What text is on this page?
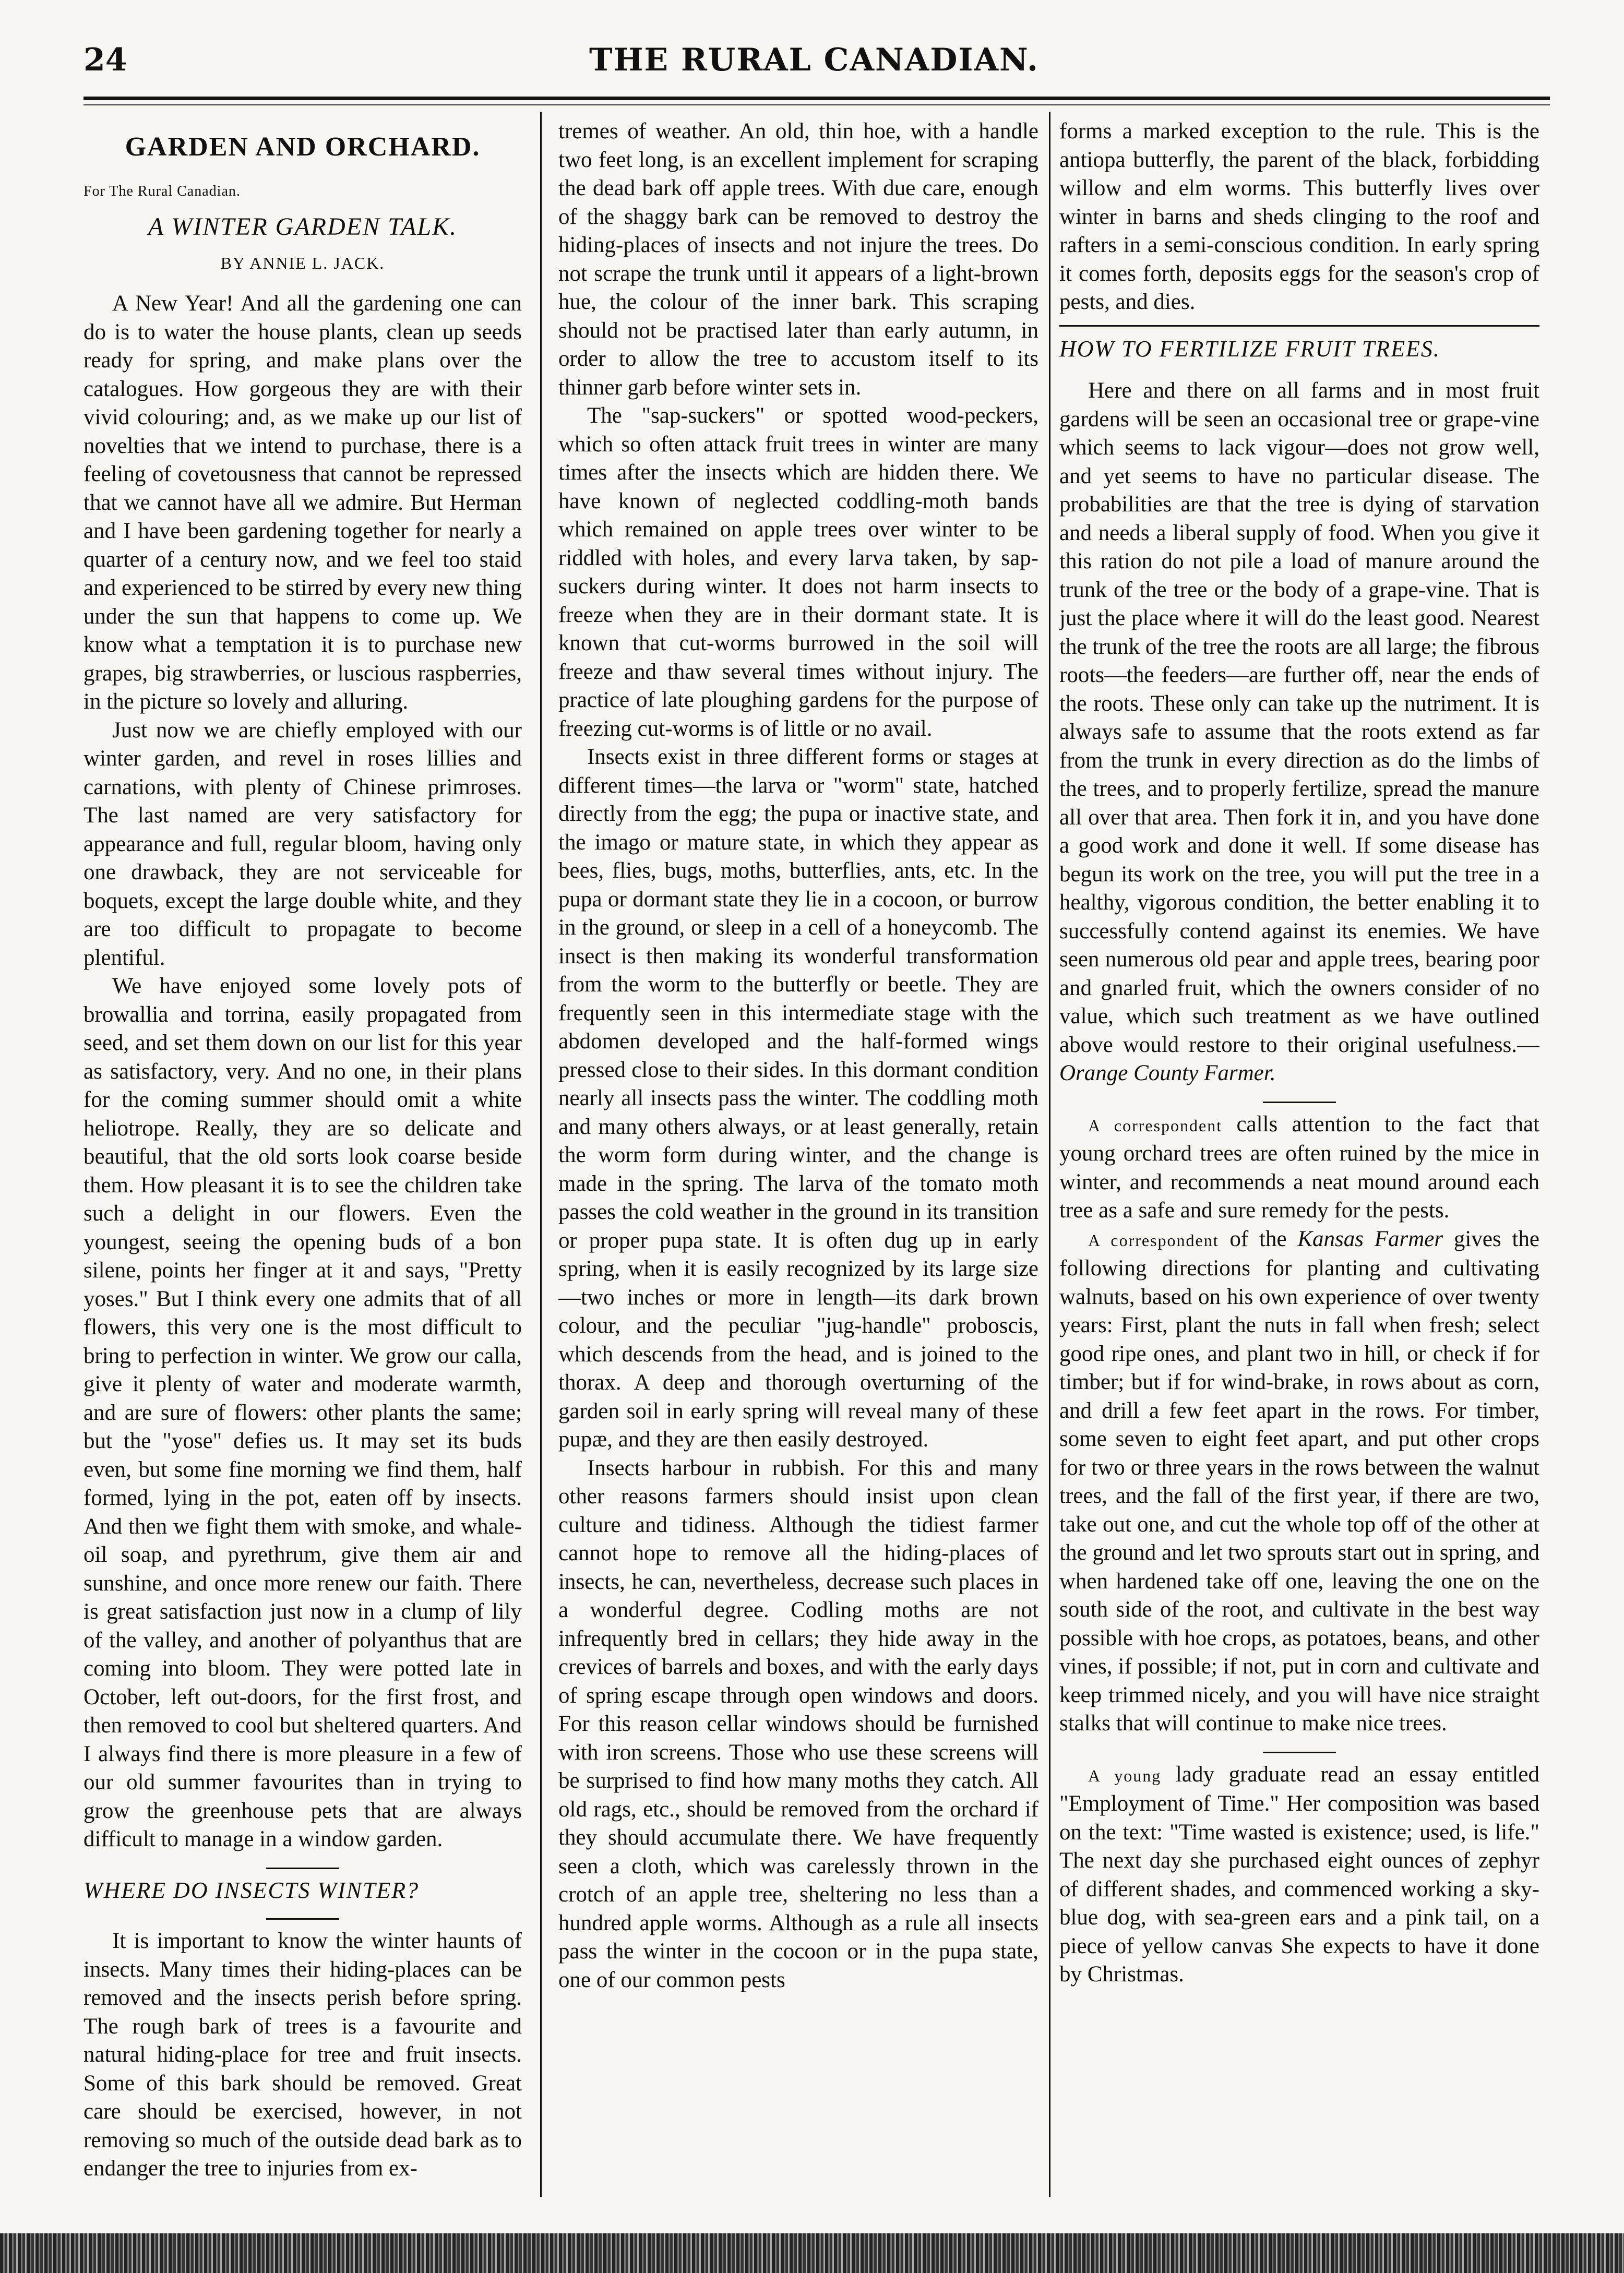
24	THE RURAL CANADIAN.
GARDEN AND ORCHARD.
For The Rural Canadian.
A WINTER GARDEN TALK.
BY ANNIE L. JACK.

A New Year! And all the gardening one can do is to water the house plants, clean up seeds ready for spring, and make plans over the catalogues. How gorgeous they are with their vivid colouring; and, as we make up our list of novelties that we intend to purchase, there is a feeling of covetousness that cannot be repressed that we cannot have all we admire. But Herman and I have been gardening together for nearly a quarter of a century now, and we feel too staid and experienced to be stirred by every new thing under the sun that happens to come up. We know what a temptation it is to purchase new grapes, big strawberries, or luscious raspberries, in the picture so lovely and alluring.

Just now we are chiefly employed with our winter garden, and revel in roses lillies and carnations, with plenty of Chinese primroses. The last named are very satisfactory for appearance and full, regular bloom, having only one drawback, they are not serviceable for boquets, except the large double white, and they are too difficult to propagate to become plentiful.

We have enjoyed some lovely pots of browallia and torrina, easily propagated from seed, and set them down on our list for this year as satisfactory, very. And no one, in their plans for the coming summer should omit a white heliotrope. Really, they are so delicate and beautiful, that the old sorts look coarse beside them. How pleasant it is to see the children take such a delight in our flowers. Even the youngest, seeing the opening buds of a bon silene, points her finger at it and says, "Pretty yoses." But I think every one admits that of all flowers, this very one is the most difficult to bring to perfection in winter. We grow our calla, give it plenty of water and moderate warmth, and are sure of flowers: other plants the same; but the "yose" defies us. It may set its buds even, but some fine morning we find them, half formed, lying in the pot, eaten off by insects. And then we fight them with smoke, and whale-oil soap, and pyrethrum, give them air and sunshine, and once more renew our faith. There is great satisfaction just now in a clump of lily of the valley, and another of polyanthus that are coming into bloom. They were potted late in October, left out-doors, for the first frost, and then removed to cool but sheltered quarters. And I always find there is more pleasure in a few of our old summer favourites than in trying to grow the greenhouse pets that are always difficult to manage in a window garden.

WHERE DO INSECTS WINTER?

It is important to know the winter haunts of insects. Many times their hiding-places can be removed and the insects perish before spring. The rough bark of trees is a favourite and natural hiding-place for tree and fruit insects. Some of this bark should be removed. Great care should be exercised, however, in not removing so much of the outside dead bark as to endanger the tree to injuries from ex-

tremes of weather. An old, thin hoe, with a handle two feet long, is an excellent implement for scraping the dead bark off apple trees. With due care, enough of the shaggy bark can be removed to destroy the hiding-places of insects and not injure the trees. Do not scrape the trunk until it appears of a light-brown hue, the colour of the inner bark. This scraping should not be practised later than early autumn, in order to allow the tree to accustom itself to its thinner garb before winter sets in.

The "sap-suckers" or spotted wood-peckers, which so often attack fruit trees in winter are many times after the insects which are hidden there. We have known of neglected coddling-moth bands which remained on apple trees over winter to be riddled with holes, and every larva taken, by sap-suckers during winter. It does not harm insects to freeze when they are in their dormant state. It is known that cut-worms burrowed in the soil will freeze and thaw several times without injury. The practice of late ploughing gardens for the purpose of freezing cut-worms is of little or no avail.

Insects exist in three different forms or stages at different times—the larva or "worm" state, hatched directly from the egg; the pupa or inactive state, and the imago or mature state, in which they appear as bees, flies, bugs, moths, butterflies, ants, etc. In the pupa or dormant state they lie in a cocoon, or burrow in the ground, or sleep in a cell of a honeycomb. The insect is then making its wonderful transformation from the worm to the butterfly or beetle. They are frequently seen in this intermediate stage with the abdomen developed and the half-formed wings pressed close to their sides. In this dormant condition nearly all insects pass the winter. The coddling moth and many others always, or at least generally, retain the worm form during winter, and the change is made in the spring. The larva of the tomato moth passes the cold weather in the ground in its transition or proper pupa state. It is often dug up in early spring, when it is easily recognized by its large size—two inches or more in length—its dark brown colour, and the peculiar "jug-handle" proboscis, which descends from the head, and is joined to the thorax. A deep and thorough overturning of the garden soil in early spring will reveal many of these pupæ, and they are then easily destroyed.

Insects harbour in rubbish. For this and many other reasons farmers should insist upon clean culture and tidiness. Although the tidiest farmer cannot hope to remove all the hiding-places of insects, he can, nevertheless, decrease such places in a wonderful degree. Codling moths are not infrequently bred in cellars; they hide away in the crevices of barrels and boxes, and with the early days of spring escape through open windows and doors. For this reason cellar windows should be furnished with iron screens. Those who use these screens will be surprised to find how many moths they catch. All old rags, etc., should be removed from the orchard if they should accumulate there. We have frequently seen a cloth, which was carelessly thrown in the crotch of an apple tree, sheltering no less than a hundred apple worms. Although as a rule all insects pass the winter in the cocoon or in the pupa state, one of our common pests

forms a marked exception to the rule. This is the antiopa butterfly, the parent of the black, forbidding willow and elm worms. This butterfly lives over winter in barns and sheds clinging to the roof and rafters in a semi-conscious condition. In early spring it comes forth, deposits eggs for the season's crop of pests, and dies.

HOW TO FERTILIZE FRUIT TREES.

Here and there on all farms and in most fruit gardens will be seen an occasional tree or grape-vine which seems to lack vigour—does not grow well, and yet seems to have no particular disease. The probabilities are that the tree is dying of starvation and needs a liberal supply of food. When you give it this ration do not pile a load of manure around the trunk of the tree or the body of a grape-vine. That is just the place where it will do the least good. Nearest the trunk of the tree the roots are all large; the fibrous roots—the feeders—are further off, near the ends of the roots. These only can take up the nutriment. It is always safe to assume that the roots extend as far from the trunk in every direction as do the limbs of the trees, and to properly fertilize, spread the manure all over that area. Then fork it in, and you have done a good work and done it well. If some disease has begun its work on the tree, you will put the tree in a healthy, vigorous condition, the better enabling it to successfully contend against its enemies. We have seen numerous old pear and apple trees, bearing poor and gnarled fruit, which the owners consider of no value, which such treatment as we have outlined above would restore to their original usefulness.— Orange County Farmer.

A correspondent calls attention to the fact that young orchard trees are often ruined by the mice in winter, and recommends a neat mound around each tree as a safe and sure remedy for the pests.

A correspondent of the Kansas Farmer gives the following directions for planting and cultivating walnuts, based on his own experience of over twenty years: First, plant the nuts in fall when fresh; select good ripe ones, and plant two in hill, or check if for timber; but if for wind-brake, in rows about as corn, and drill a few feet apart in the rows. For timber, some seven to eight feet apart, and put other crops for two or three years in the rows between the walnut trees, and the fall of the first year, if there are two, take out one, and cut the whole top off of the other at the ground and let two sprouts start out in spring, and when hardened take off one, leaving the one on the south side of the root, and cultivate in the best way possible with hoe crops, as potatoes, beans, and other vines, if possible; if not, put in corn and cultivate and keep trimmed nicely, and you will have nice straight stalks that will continue to make nice trees.

A young lady graduate read an essay entitled "Employment of Time." Her composition was based on the text: "Time wasted is existence; used, is life." The next day she purchased eight ounces of zephyr of different shades, and commenced working a sky-blue dog, with sea-green ears and a pink tail, on a piece of yellow canvas She expects to have it done by Christmas.
